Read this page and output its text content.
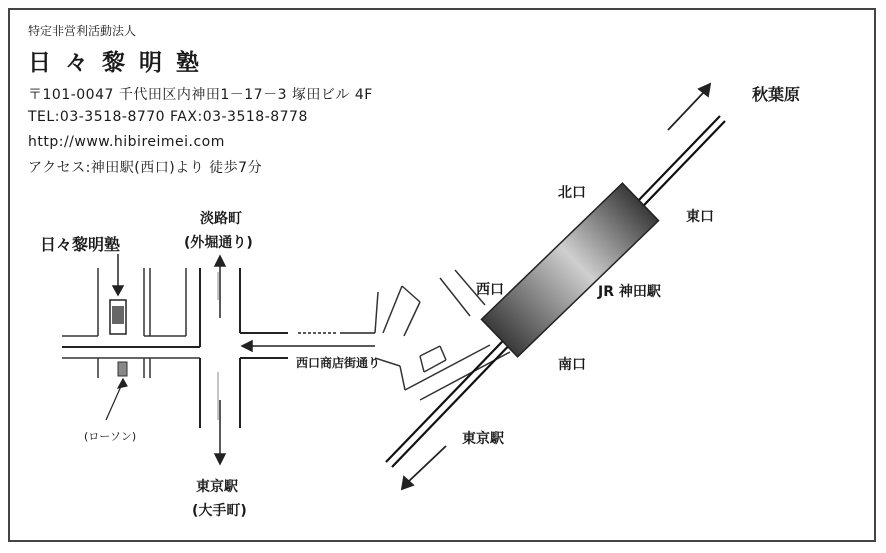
特定非営利活動法人
日々黎明塾
〒101-0047 千代田区内神田1－17－3 塚田ビル 4F
TEL:03-3518-8770 FAX:03-3518-8778
http://www.hibireimei.com
アクセス:神田駅(西口)より 徒歩7分
日々黎明塾
淡路町
(外堀通り)
東京駅
(大手町)
西口商店街通り
(ローソン)
北口
東口
西口
南口
JR 神田駅
秋葉原
東京駅
